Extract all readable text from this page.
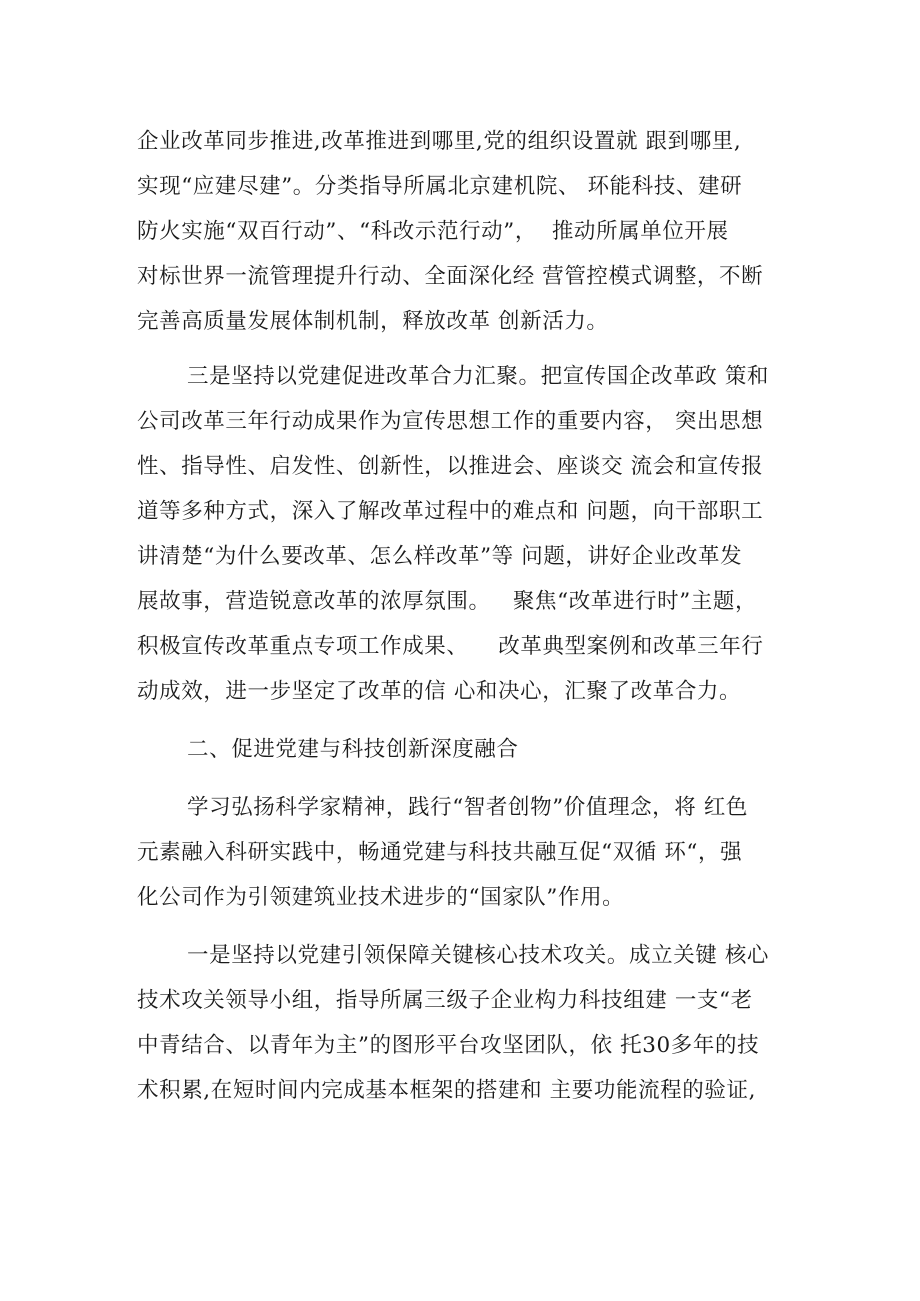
企业改革同步推进,改革推进到哪里,党的组织设置就 跟到哪里,
实现“应建尽建”。分类指导所属北京建机院、 环能科技、建研
防火实施“双百行动”、“科改示范行动”，  推动所属单位开展
对标世界一流管理提升行动、全面深化经 营管控模式调整，不断
完善高质量发展体制机制，释放改革 创新活力。
三是坚持以党建促进改革合力汇聚。把宣传国企改革政 策和
公司改革三年行动成果作为宣传思想工作的重要内容， 突出思想
性、指导性、启发性、创新性，以推进会、座谈交 流会和宣传报
道等多种方式，深入了解改革过程中的难点和 问题，向干部职工
讲清楚“为什么要改革、怎么样改革”等 问题，讲好企业改革发
展故事，营造锐意改革的浓厚氛围。   聚焦“改革进行时”主题，
积极宣传改革重点专项工作成果、    改革典型案例和改革三年行
动成效，进一步坚定了改革的信 心和决心，汇聚了改革合力。
二、促进党建与科技创新深度融合
学习弘扬科学家精神，践行“智者创物”价值理念，将 红色
元素融入科研实践中，畅通党建与科技共融互促“双循 环“，强
化公司作为引领建筑业技术进步的“国家队”作用。
一是坚持以党建引领保障关键核心技术攻关。成立关键 核心
技术攻关领导小组，指导所属三级子企业构力科技组建 一支“老
中青结合、以青年为主”的图形平台攻坚团队，依 托30多年的技
术积累,在短时间内完成基本框架的搭建和 主要功能流程的验证,
